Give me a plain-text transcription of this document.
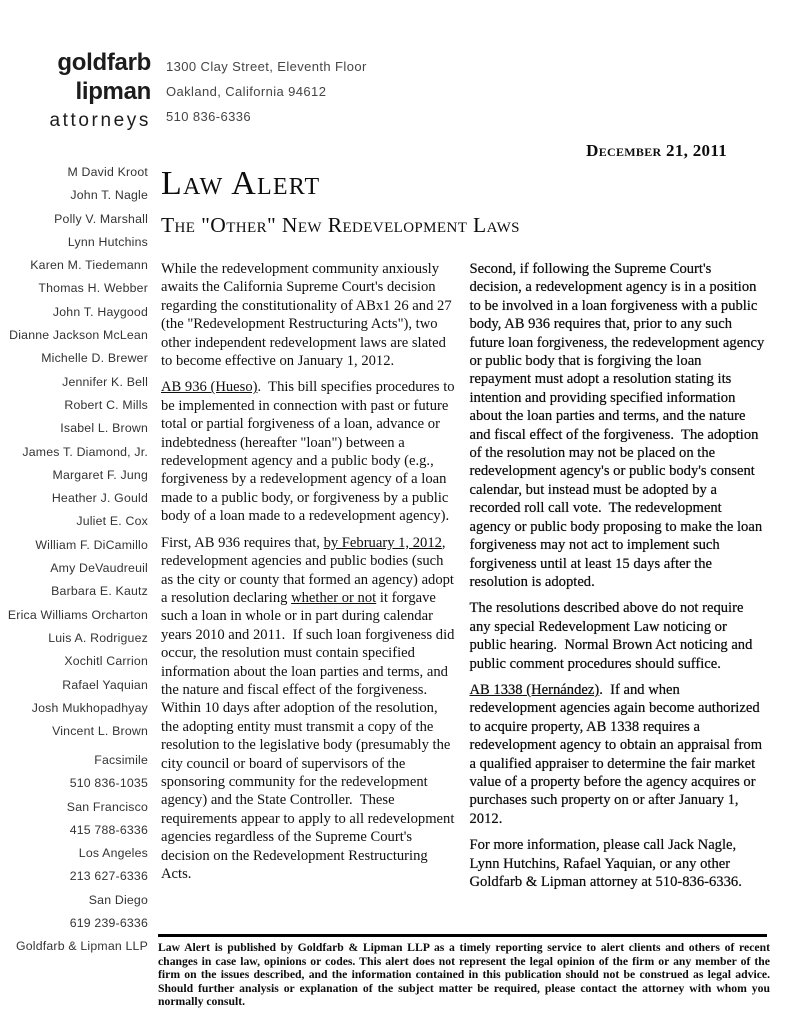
goldfarb
lipman
attorneys
1300 Clay Street, Eleventh Floor
Oakland, California 94612
510 836-6336
December 21, 2011
Law Alert
The "Other" New Redevelopment Laws
M David Kroot
John T. Nagle
Polly V. Marshall
Lynn Hutchins
Karen M. Tiedemann
Thomas H. Webber
John T. Haygood
Dianne Jackson McLean
Michelle D. Brewer
Jennifer K. Bell
Robert C. Mills
Isabel L. Brown
James T. Diamond, Jr.
Margaret F. Jung
Heather J. Gould
Juliet E. Cox
William F. DiCamillo
Amy DeVaudreuil
Barbara E. Kautz
Erica Williams Orcharton
Luis A. Rodriguez
Xochitl Carrion
Rafael Yaquian
Josh Mukhopadhyay
Vincent L. Brown
Facsimile
510 836-1035
San Francisco
415 788-6336
Los Angeles
213 627-6336
San Diego
619 239-6336
Goldfarb & Lipman LLP

While the redevelopment community anxiously awaits the California Supreme Court's decision regarding the constitutionality of ABx1 26 and 27 (the "Redevelopment Restructuring Acts"), two other independent redevelopment laws are slated to become effective on January 1, 2012.

AB 936 (Hueso).  This bill specifies procedures to be implemented in connection with past or future total or partial forgiveness of a loan, advance or indebtedness (hereafter "loan") between a redevelopment agency and a public body (e.g., forgiveness by a redevelopment agency of a loan made to a public body, or forgiveness by a public body of a loan made to a redevelopment agency).

First, AB 936 requires that, by February 1, 2012, redevelopment agencies and public bodies (such as the city or county that formed an agency) adopt a resolution declaring whether or not it forgave such a loan in whole or in part during calendar years 2010 and 2011.  If such loan forgiveness did occur, the resolution must contain specified information about the loan parties and terms, and the nature and fiscal effect of the forgiveness.  Within 10 days after adoption of the resolution, the adopting entity must transmit a copy of the resolution to the legislative body (presumably the city council or board of supervisors of the sponsoring community for the redevelopment agency) and the State Controller.  These requirements appear to apply to all redevelopment agencies regardless of the Supreme Court's decision on the Redevelopment Restructuring Acts.

Second, if following the Supreme Court's decision, a redevelopment agency is in a position to be involved in a loan forgiveness with a public body, AB 936 requires that, prior to any such future loan forgiveness, the redevelopment agency or public body that is forgiving the loan repayment must adopt a resolution stating its intention and providing specified information about the loan parties and terms, and the nature and fiscal effect of the forgiveness.  The adoption of the resolution may not be placed on the redevelopment agency's or public body's consent calendar, but instead must be adopted by a recorded roll call vote.  The redevelopment agency or public body proposing to make the loan forgiveness may not act to implement such forgiveness until at least 15 days after the resolution is adopted.

The resolutions described above do not require any special Redevelopment Law noticing or public hearing.  Normal Brown Act noticing and public comment procedures should suffice.

AB 1338 (Hernández).  If and when redevelopment agencies again become authorized to acquire property, AB 1338 requires a redevelopment agency to obtain an appraisal from a qualified appraiser to determine the fair market value of a property before the agency acquires or purchases such property on or after January 1, 2012.

For more information, please call Jack Nagle, Lynn Hutchins, Rafael Yaquian, or any other Goldfarb & Lipman attorney at 510-836-6336.

Law Alert is published by Goldfarb & Lipman LLP as a timely reporting service to alert clients and others of recent changes in case law, opinions or codes. This alert does not represent the legal opinion of the firm or any member of the firm on the issues described, and the information contained in this publication should not be construed as legal advice. Should further analysis or explanation of the subject matter be required, please contact the attorney with whom you normally consult.
